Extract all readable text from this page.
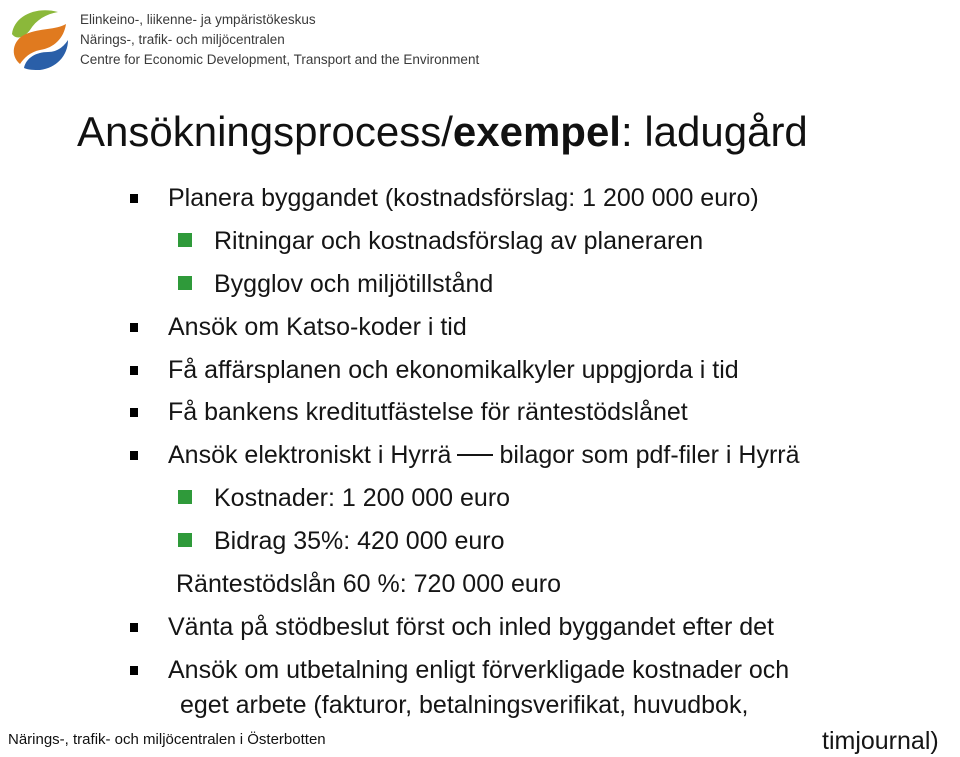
Elinkeino-, liikenne- ja ympäristökeskus
Närings-, trafik- och miljöcentralen
Centre for Economic Development, Transport and the Environment
Ansökningsprocess/exempel: ladugård
Planera byggandet (kostnadsförslag: 1 200 000 euro)
Ritningar och kostnadsförslag av planeraren
Bygglov och miljötillstånd
Ansök om Katso-koder i tid
Få affärsplanen och ekonomikalkyler uppgjorda i tid
Få bankens kreditutfästelse för räntestödslånet
Ansök elektroniskt i Hyrrä bilagor som pdf-filer i Hyrrä
Kostnader: 1 200 000 euro
Bidrag 35%: 420 000 euro
Räntestödslån 60 %: 720 000 euro
Vänta på stödbeslut först och inled byggandet efter det
Ansök om utbetalning enligt förverkligade kostnader och
eget arbete (fakturor, betalningsverifikat, huvudbok,
Närings-, trafik- och miljöcentralen i Österbotten	timjournal)
